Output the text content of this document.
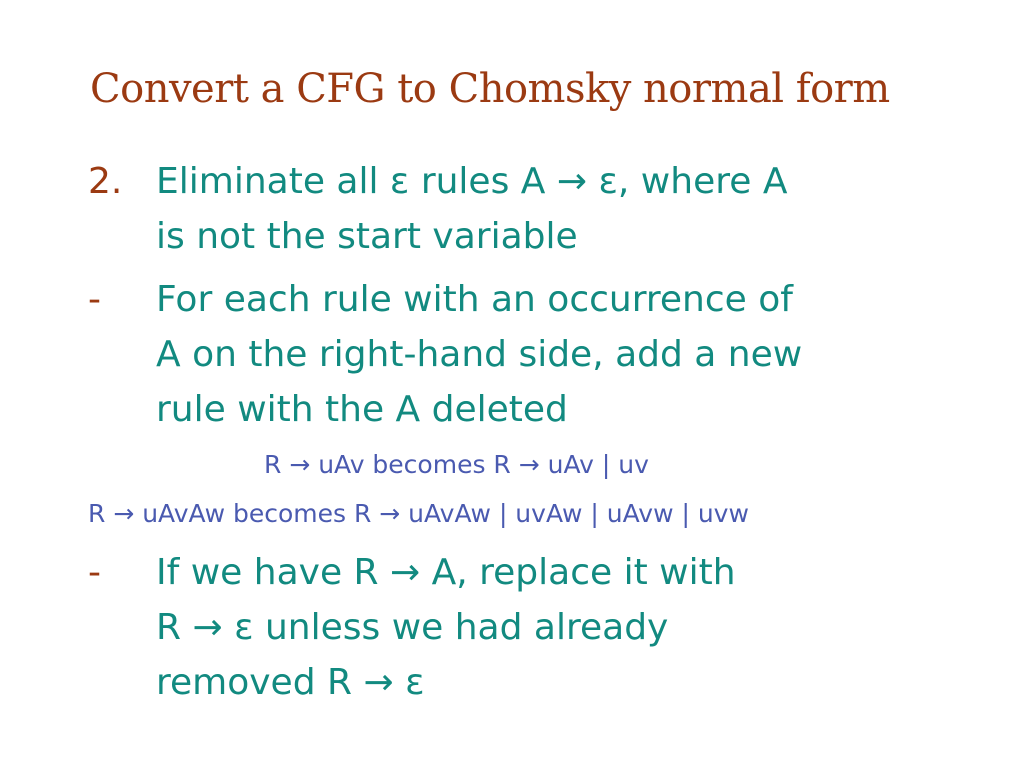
Convert a CFG to Chomsky normal form
2. Eliminate all ε rules A → ε, where A
is not the start variable
-	For each rule with an occurrence of
A on the right-hand side, add a new
rule with the A deleted
R → uAv becomes R → uAv | uv
R → uAvAw becomes R → uAvAw | uvAw | uAvw | uvw
-	If we have R → A, replace it with
R → ε unless we had already
removed R → ε
